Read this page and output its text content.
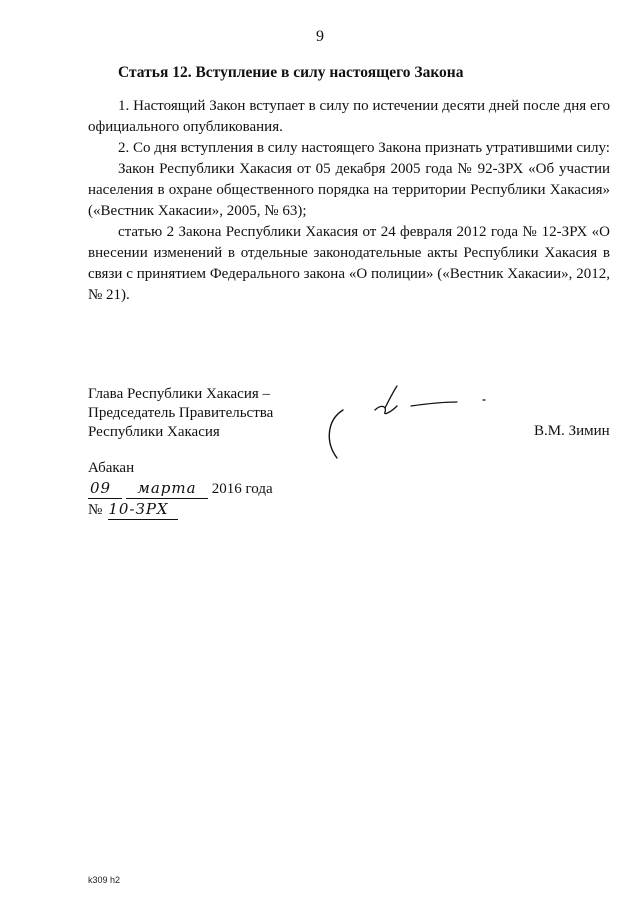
9
Статья 12. Вступление в силу настоящего Закона

1. Настоящий Закон вступает в силу по истечении десяти дней после дня его официального опубликования.

2. Со дня вступления в силу настоящего Закона признать утратившими силу:

Закон Республики Хакасия от 05 декабря 2005 года № 92-ЗРХ «Об участии населения в охране общественного порядка на территории Республики Хакасия» («Вестник Хакасии», 2005, № 63);

статью 2 Закона Республики Хакасия от 24 февраля 2012 года № 12-ЗРХ «О внесении изменений в отдельные законодательные акты Республики Хакасия в связи с принятием Федерального закона «О полиции» («Вестник Хакасии», 2012, № 21).

Глава Республики Хакасия –
Председатель Правительства
Республики Хакасия	В.М. Зимин
Абакан
09 марта 2016 года
№ 10-ЗРХ
k309 h2
